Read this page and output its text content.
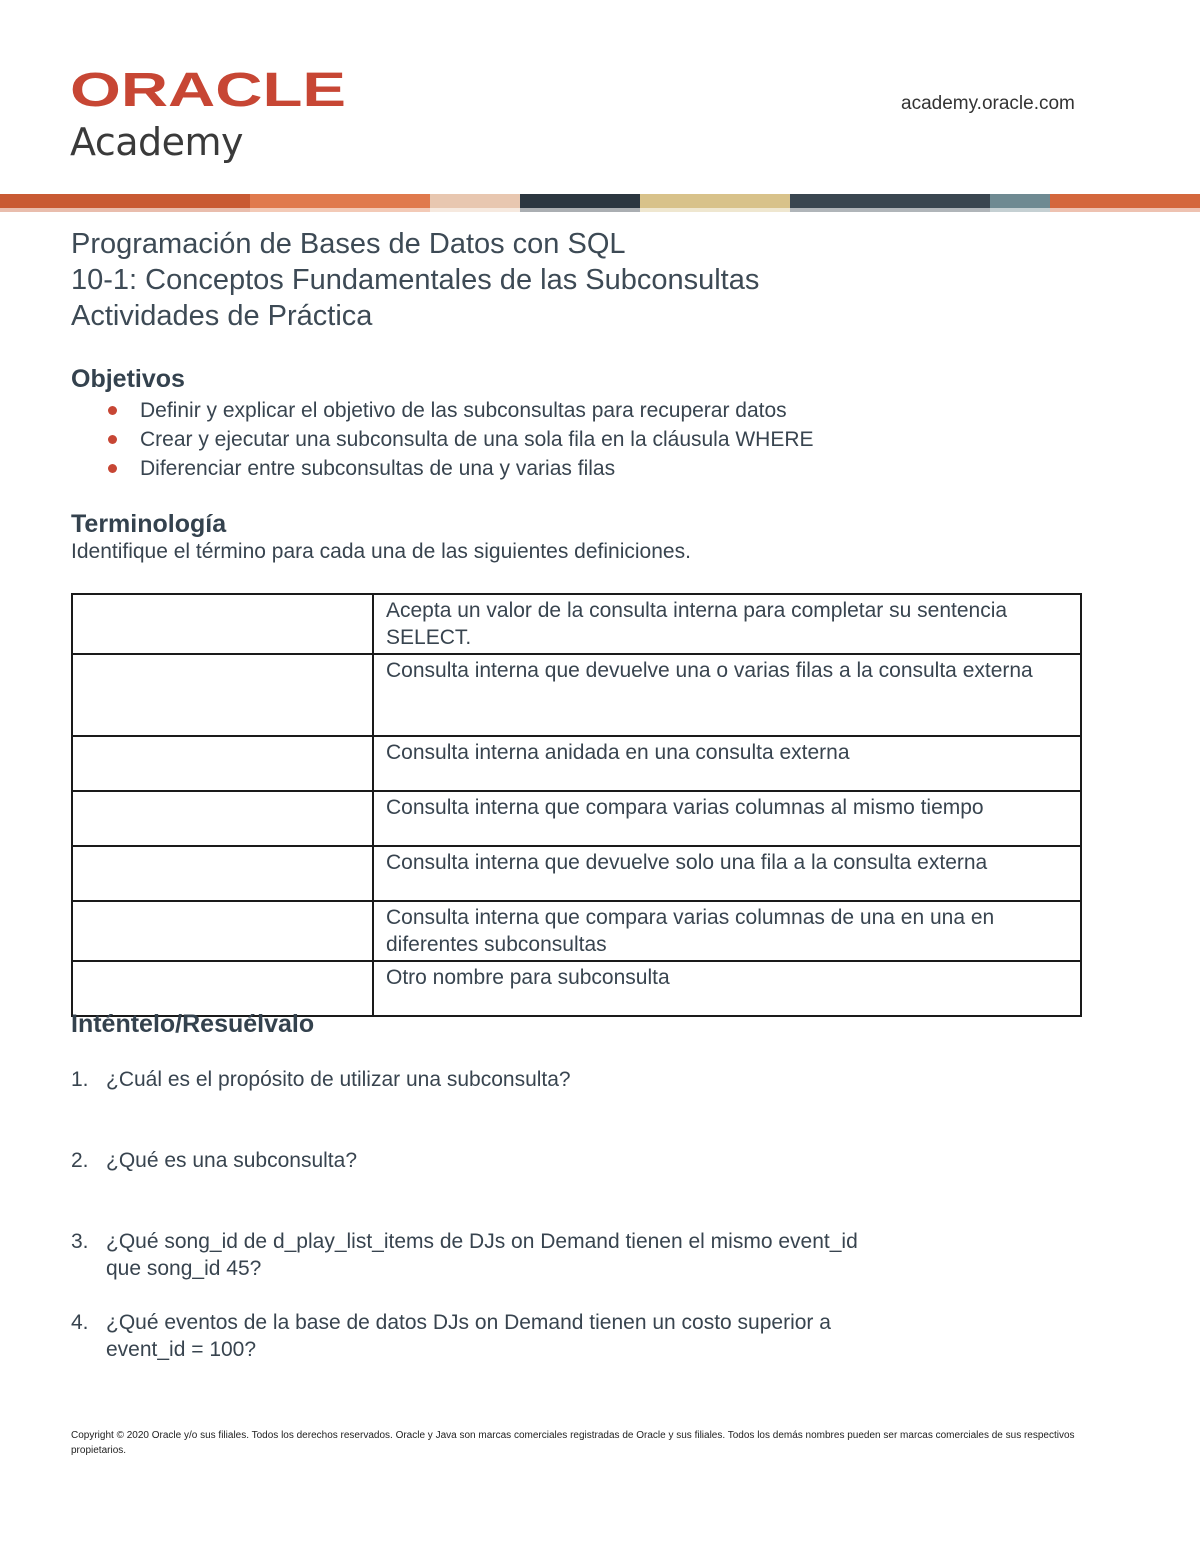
ORACLE
Academy
academy.oracle.com
Programación de Bases de Datos con SQL
10-1: Conceptos Fundamentales de las Subconsultas
Actividades de Práctica
Objetivos
Definir y explicar el objetivo de las subconsultas para recuperar datos
Crear y ejecutar una subconsulta de una sola fila en la cláusula WHERE
Diferenciar entre subconsultas de una y varias filas
Terminología
Identifique el término para cada una de las siguientes definiciones.
	Acepta un valor de la consulta interna para completar su sentencia SELECT.
	Consulta interna que devuelve una o varias filas a la consulta externa
	Consulta interna anidada en una consulta externa
	Consulta interna que compara varias columnas al mismo tiempo
	Consulta interna que devuelve solo una fila a la consulta externa
	Consulta interna que compara varias columnas de una en una en diferentes subconsultas
	Otro nombre para subconsulta
Inténtelo/Resuélvalo
1. ¿Cuál es el propósito de utilizar una subconsulta?
2. ¿Qué es una subconsulta?
3. ¿Qué song_id de d_play_list_items de DJs on Demand tienen el mismo event_id
que song_id 45?
4. ¿Qué eventos de la base de datos DJs on Demand tienen un costo superior a
event_id = 100?
Copyright © 2020 Oracle y/o sus filiales. Todos los derechos reservados. Oracle y Java son marcas comerciales registradas de Oracle y sus filiales. Todos los demás nombres pueden ser marcas comerciales de sus respectivos propietarios.
